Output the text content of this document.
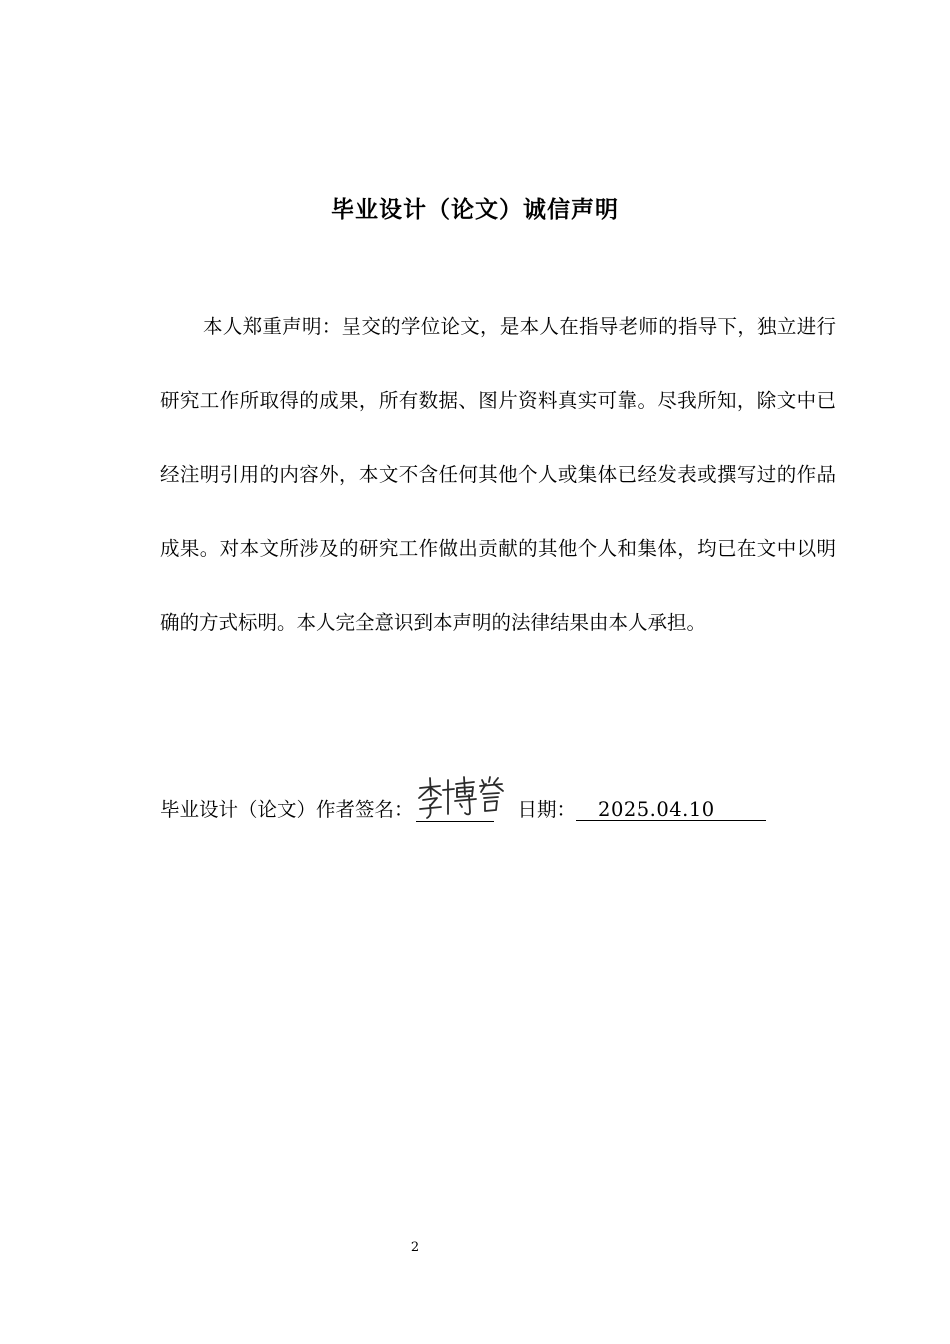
毕业设计（论文）诚信声明
本人郑重声明：呈交的学位论文，是本人在指导老师的指导下，独立进行研究工作所取得的成果，所有数据、图片资料真实可靠。尽我所知，除文中已经注明引用的内容外，本文不含任何其他个人或集体已经发表或撰写过的作品成果。对本文所涉及的研究工作做出贡献的其他个人和集体，均已在文中以明确的方式标明。本人完全意识到本声明的法律结果由本人承担。
毕业设计（论文）作者签名：	日期： 2025.04.10
2
